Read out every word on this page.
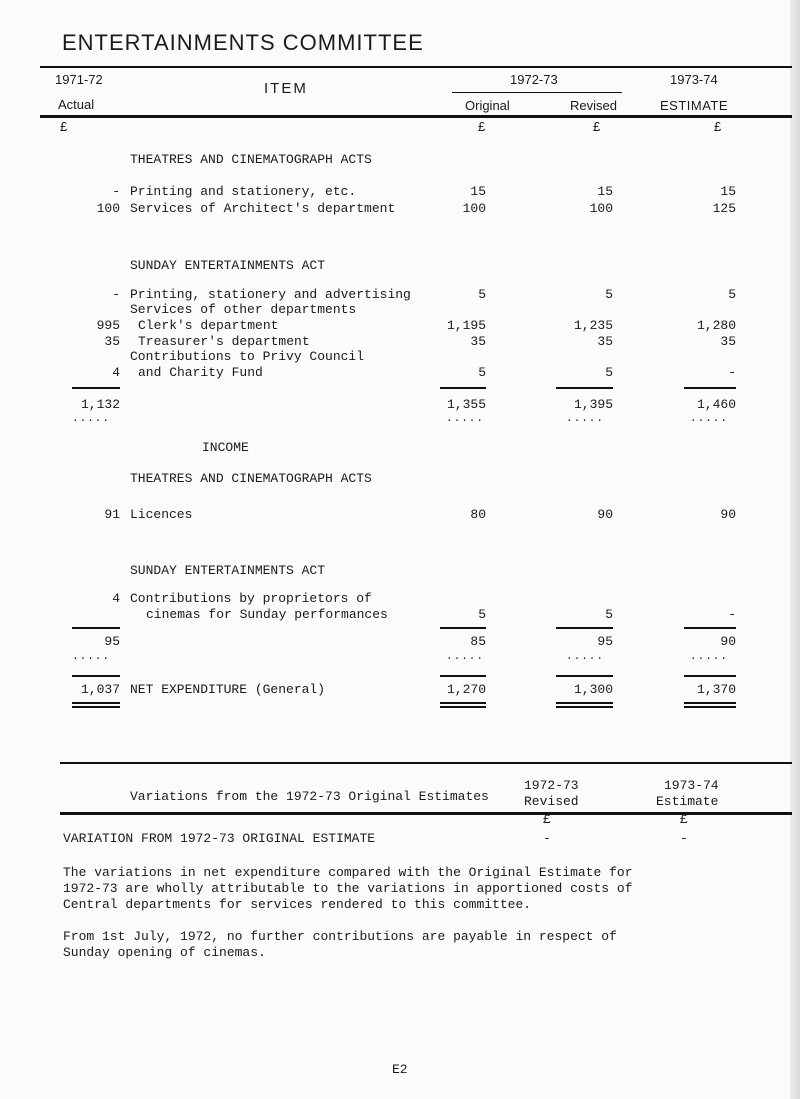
ENTERTAINMENTS COMMITTEE
1971-72
Actual
ITEM
1972-73
Original	Revised
1973-74
ESTIMATE
£	£	£	£
THEATRES AND CINEMATOGRAPH ACTS
- Printing and stationery, etc.	15	15	15
100 Services of Architect's department	100	100	125
SUNDAY ENTERTAINMENTS ACT
- Printing, stationery and advertising	5	5	5
Services of other departments
995 Clerk's department	1,195	1,235	1,280
35 Treasurer's department	35	35	35
Contributions to Privy Council
4 and Charity Fund	5	5	-
1,132	1,355	1,395	1,460
.....	.....	.....	.....
INCOME
THEATRES AND CINEMATOGRAPH ACTS
91 Licences	80	90	90
SUNDAY ENTERTAINMENTS ACT
4 Contributions by proprietors of
cinemas for Sunday performances	5	5	-
95	85	95	90
.....	.....	.....	.....
1,037 NET EXPENDITURE (General)	1,270	1,300	1,370
Variations from the 1972-73 Original Estimates
1972-73
Revised
1973-74
Estimate
£	£
VARIATION FROM 1972-73 ORIGINAL ESTIMATE	-	-
The variations in net expenditure compared with the Original Estimate for
1972-73 are wholly attributable to the variations in apportioned costs of
Central departments for services rendered to this committee.
From 1st July, 1972, no further contributions are payable in respect of
Sunday opening of cinemas.
E2
